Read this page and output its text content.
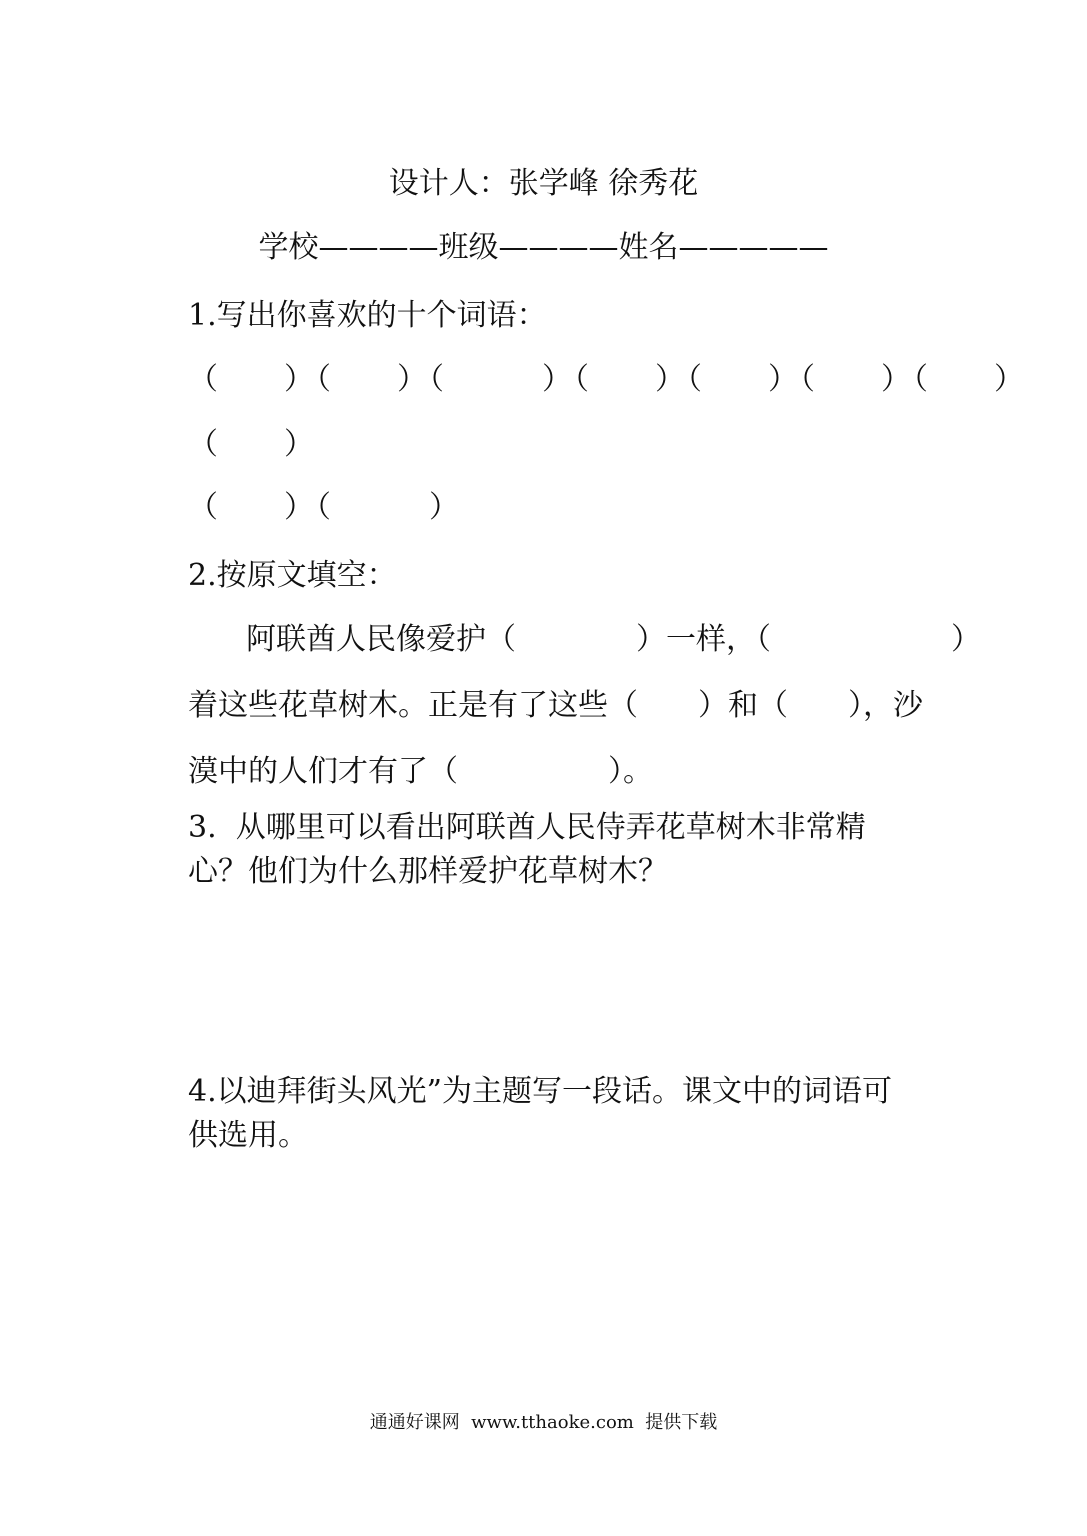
设计人：张学峰 徐秀花
学校————班级————姓名—————
1.写出你喜欢的十个词语：
（　　）（　　）（　　　）（　　）（　　）（　　）（　　）
（　　）
（　　）（　　　）
2.按原文填空：
阿联酋人民像爱护（　　　　）一样，（　　　　　　）
着这些花草树木。正是有了这些（　　）和（　　），沙
漠中的人们才有了（　　　　　）。
3.  从哪里可以看出阿联酋人民侍弄花草树木非常精
心？他们为什么那样爱护花草树木？
4.以迪拜街头风光”为主题写一段话。课文中的词语可
供选用。
通通好课网  www.tthaoke.com  提供下载
